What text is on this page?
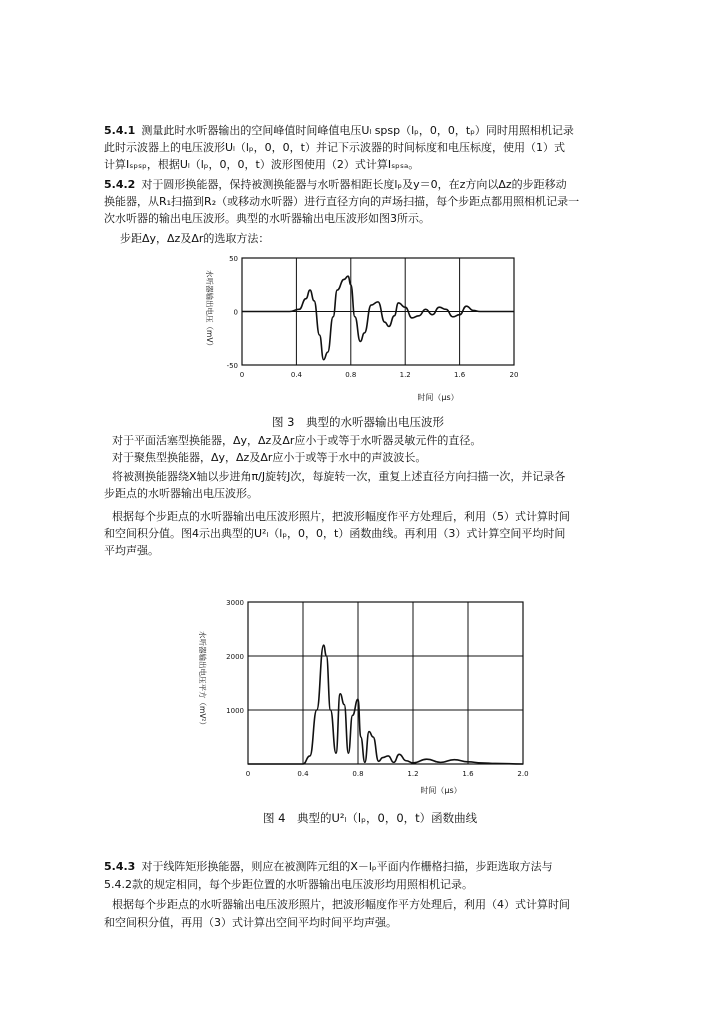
5.4.1 测量此时水听器输出的空间峰值时间峰值电压Uₗ spsp（lₚ，0，0，tₚ）同时用照相机记录

此时示波器上的电压波形Uₗ（lₚ，0，0，t）并记下示波器的时间标度和电压标度，使用（1）式

计算Iₛₚₛₚ，根据Uₗ（lₚ，0，0，t）波形图使用（2）式计算Iₛₚₛₐ。

5.4.2 对于圆形换能器，保持被测换能器与水听器相距长度lₚ及y＝0，在z方向以Δz的步距移动

换能器，从R₁扫描到R₂（或移动水听器）进行直径方向的声场扫描，每个步距点都用照相机记录一

次水听器的输出电压波形。典型的水听器输出电压波形如图3所示。

步距Δy，Δz及Δr的选取方法：

0	0.4	0.8	1.2	1.6	20
50
0
-50
时间（μs）
水听器输出电压（mV）
图 3　典型的水听器输出电压波形

对于平面活塞型换能器，Δy，Δz及Δr应小于或等于水听器灵敏元件的直径。

对于聚焦型换能器，Δy，Δz及Δr应小于或等于水中的声波波长。

将被测换能器绕X轴以步进角π/J旋转J次，每旋转一次，重复上述直径方向扫描一次，并记录各

步距点的水听器输出电压波形。

根据每个步距点的水听器输出电压波形照片，把波形幅度作平方处理后，利用（5）式计算时间

和空间积分值。图4示出典型的U²ₗ（lₚ，0，0，t）函数曲线。再利用（3）式计算空间平均时间

平均声强。

0	0.4	0.8	1.2	1.6	2.0
3000
2000
1000
时间（μs）
水听器输出电压平方（mV²）
图 4　典型的U²ₗ（lₚ，0，0，t）函数曲线

5.4.3 对于线阵矩形换能器，则应在被测阵元组的X－lₚ平面内作栅格扫描，步距选取方法与

5.4.2款的规定相同，每个步距位置的水听器输出电压波形均用照相机记录。

根据每个步距点的水听器输出电压波形照片，把波形幅度作平方处理后，利用（4）式计算时间

和空间积分值，再用（3）式计算出空间平均时间平均声强。
